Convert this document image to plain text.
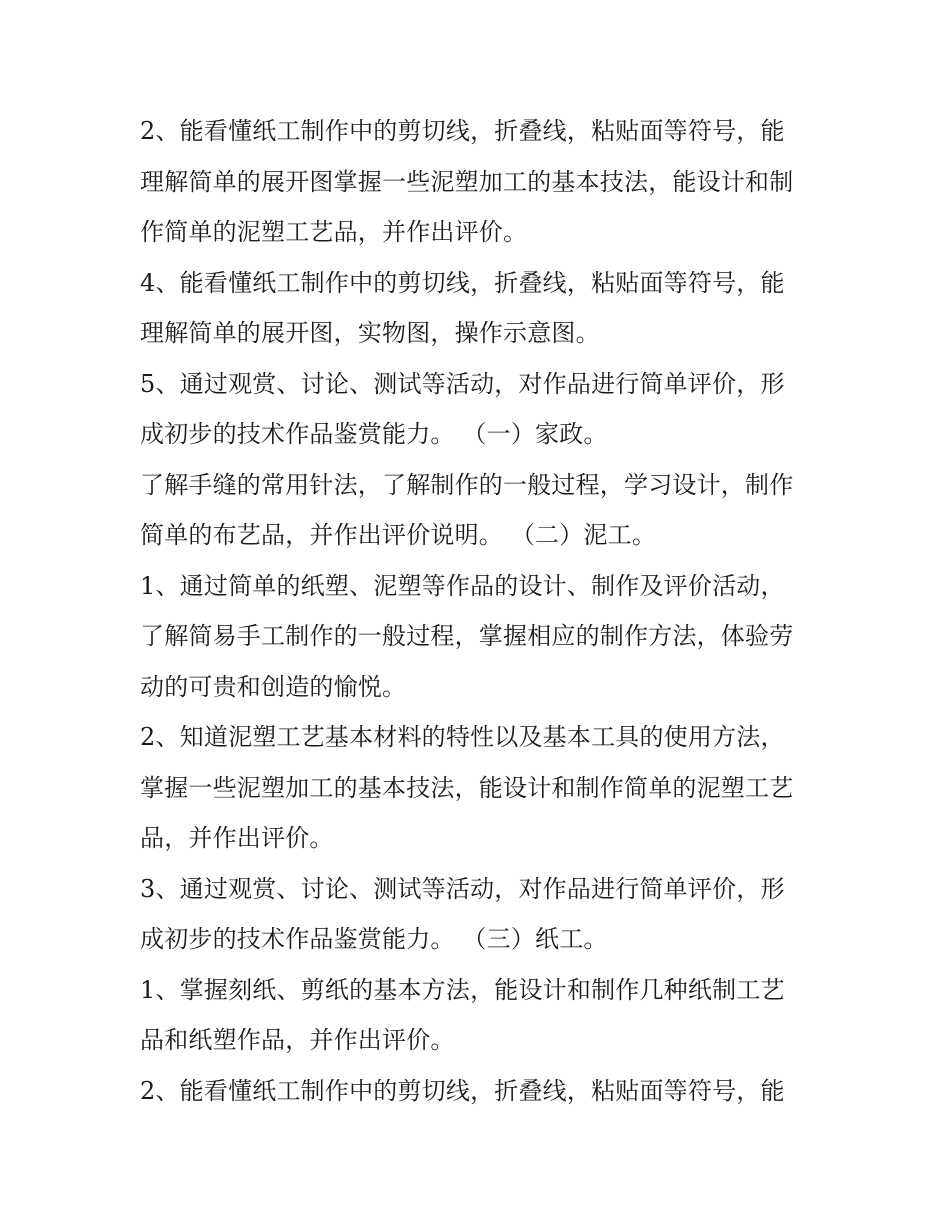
2、能看懂纸工制作中的剪切线，折叠线，粘贴面等符号，能
理解简单的展开图掌握一些泥塑加工的基本技法，能设计和制
作简单的泥塑工艺品，并作出评价。
4、能看懂纸工制作中的剪切线，折叠线，粘贴面等符号，能
理解简单的展开图，实物图，操作示意图。
5、通过观赏、讨论、测试等活动，对作品进行简单评价，形
成初步的技术作品鉴赏能力。 （一）家政。
了解手缝的常用针法，了解制作的一般过程，学习设计，制作
简单的布艺品，并作出评价说明。 （二）泥工。
1、通过简单的纸塑、泥塑等作品的设计、制作及评价活动，
了解简易手工制作的一般过程，掌握相应的制作方法，体验劳
动的可贵和创造的愉悦。
2、知道泥塑工艺基本材料的特性以及基本工具的使用方法，
掌握一些泥塑加工的基本技法，能设计和制作简单的泥塑工艺
品，并作出评价。
3、通过观赏、讨论、测试等活动，对作品进行简单评价，形
成初步的技术作品鉴赏能力。 （三）纸工。
1、掌握刻纸、剪纸的基本方法，能设计和制作几种纸制工艺
品和纸塑作品，并作出评价。
2、能看懂纸工制作中的剪切线，折叠线，粘贴面等符号，能
